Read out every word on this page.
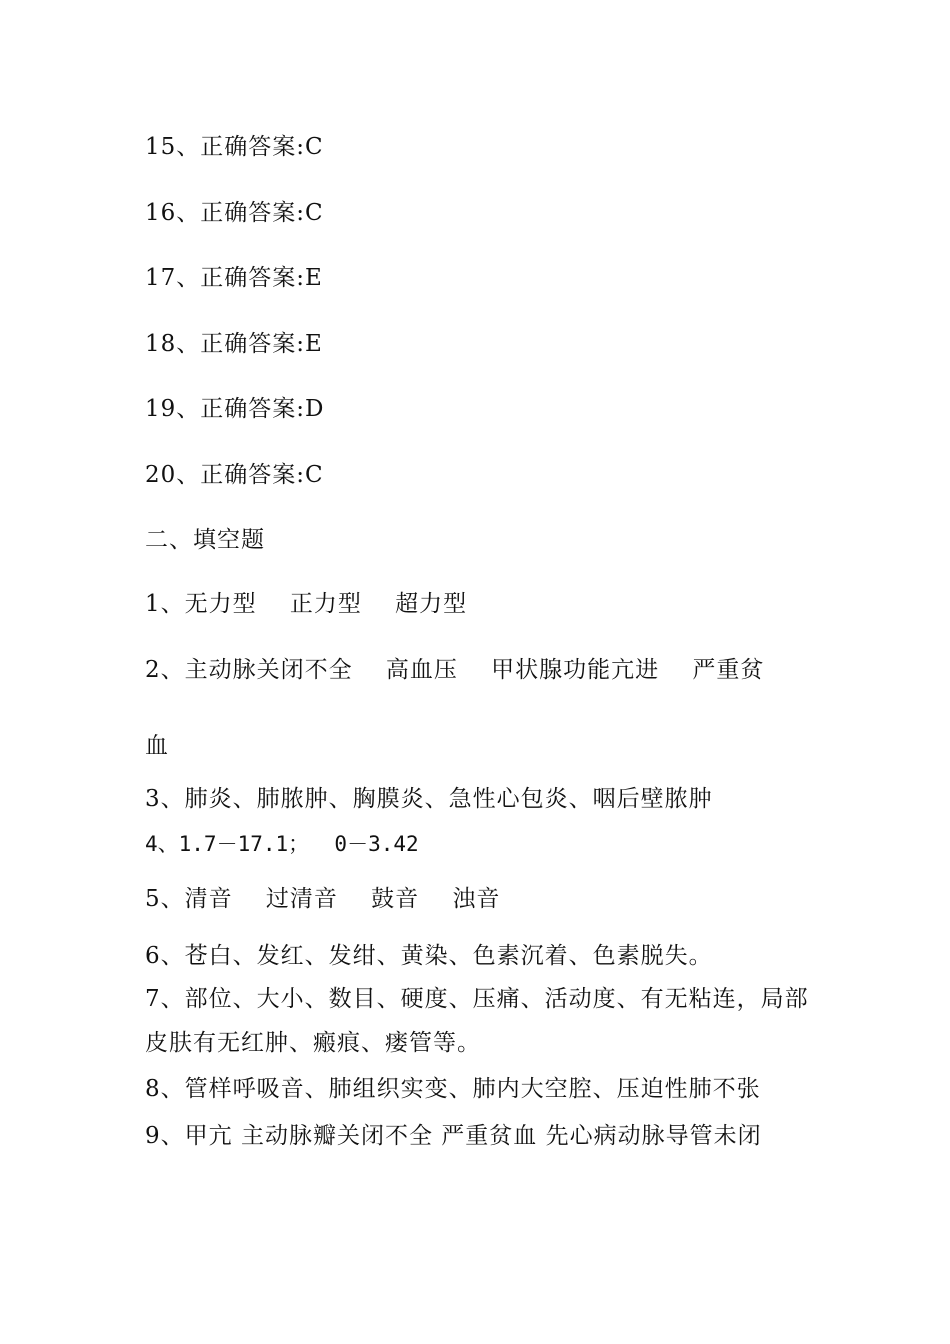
15、正确答案:C
16、正确答案:C
17、正确答案:E
18、正确答案:E
19、正确答案:D
20、正确答案:C
二、填空题
1、无力型    正力型    超力型
2、主动脉关闭不全    高血压    甲状腺功能亢进    严重贫
血
3、肺炎、肺脓肿、胸膜炎、急性心包炎、咽后壁脓肿
4、1.7－17.1；  0－3.42
5、清音    过清音    鼓音    浊音
6、苍白、发红、发绀、黄染、色素沉着、色素脱失。
7、部位、大小、数目、硬度、压痛、活动度、有无粘连，局部皮肤有无红肿、瘢痕、瘘管等。
8、管样呼吸音、肺组织实变、肺内大空腔、压迫性肺不张
9、甲亢 主动脉瓣关闭不全 严重贫血 先心病动脉导管未闭
